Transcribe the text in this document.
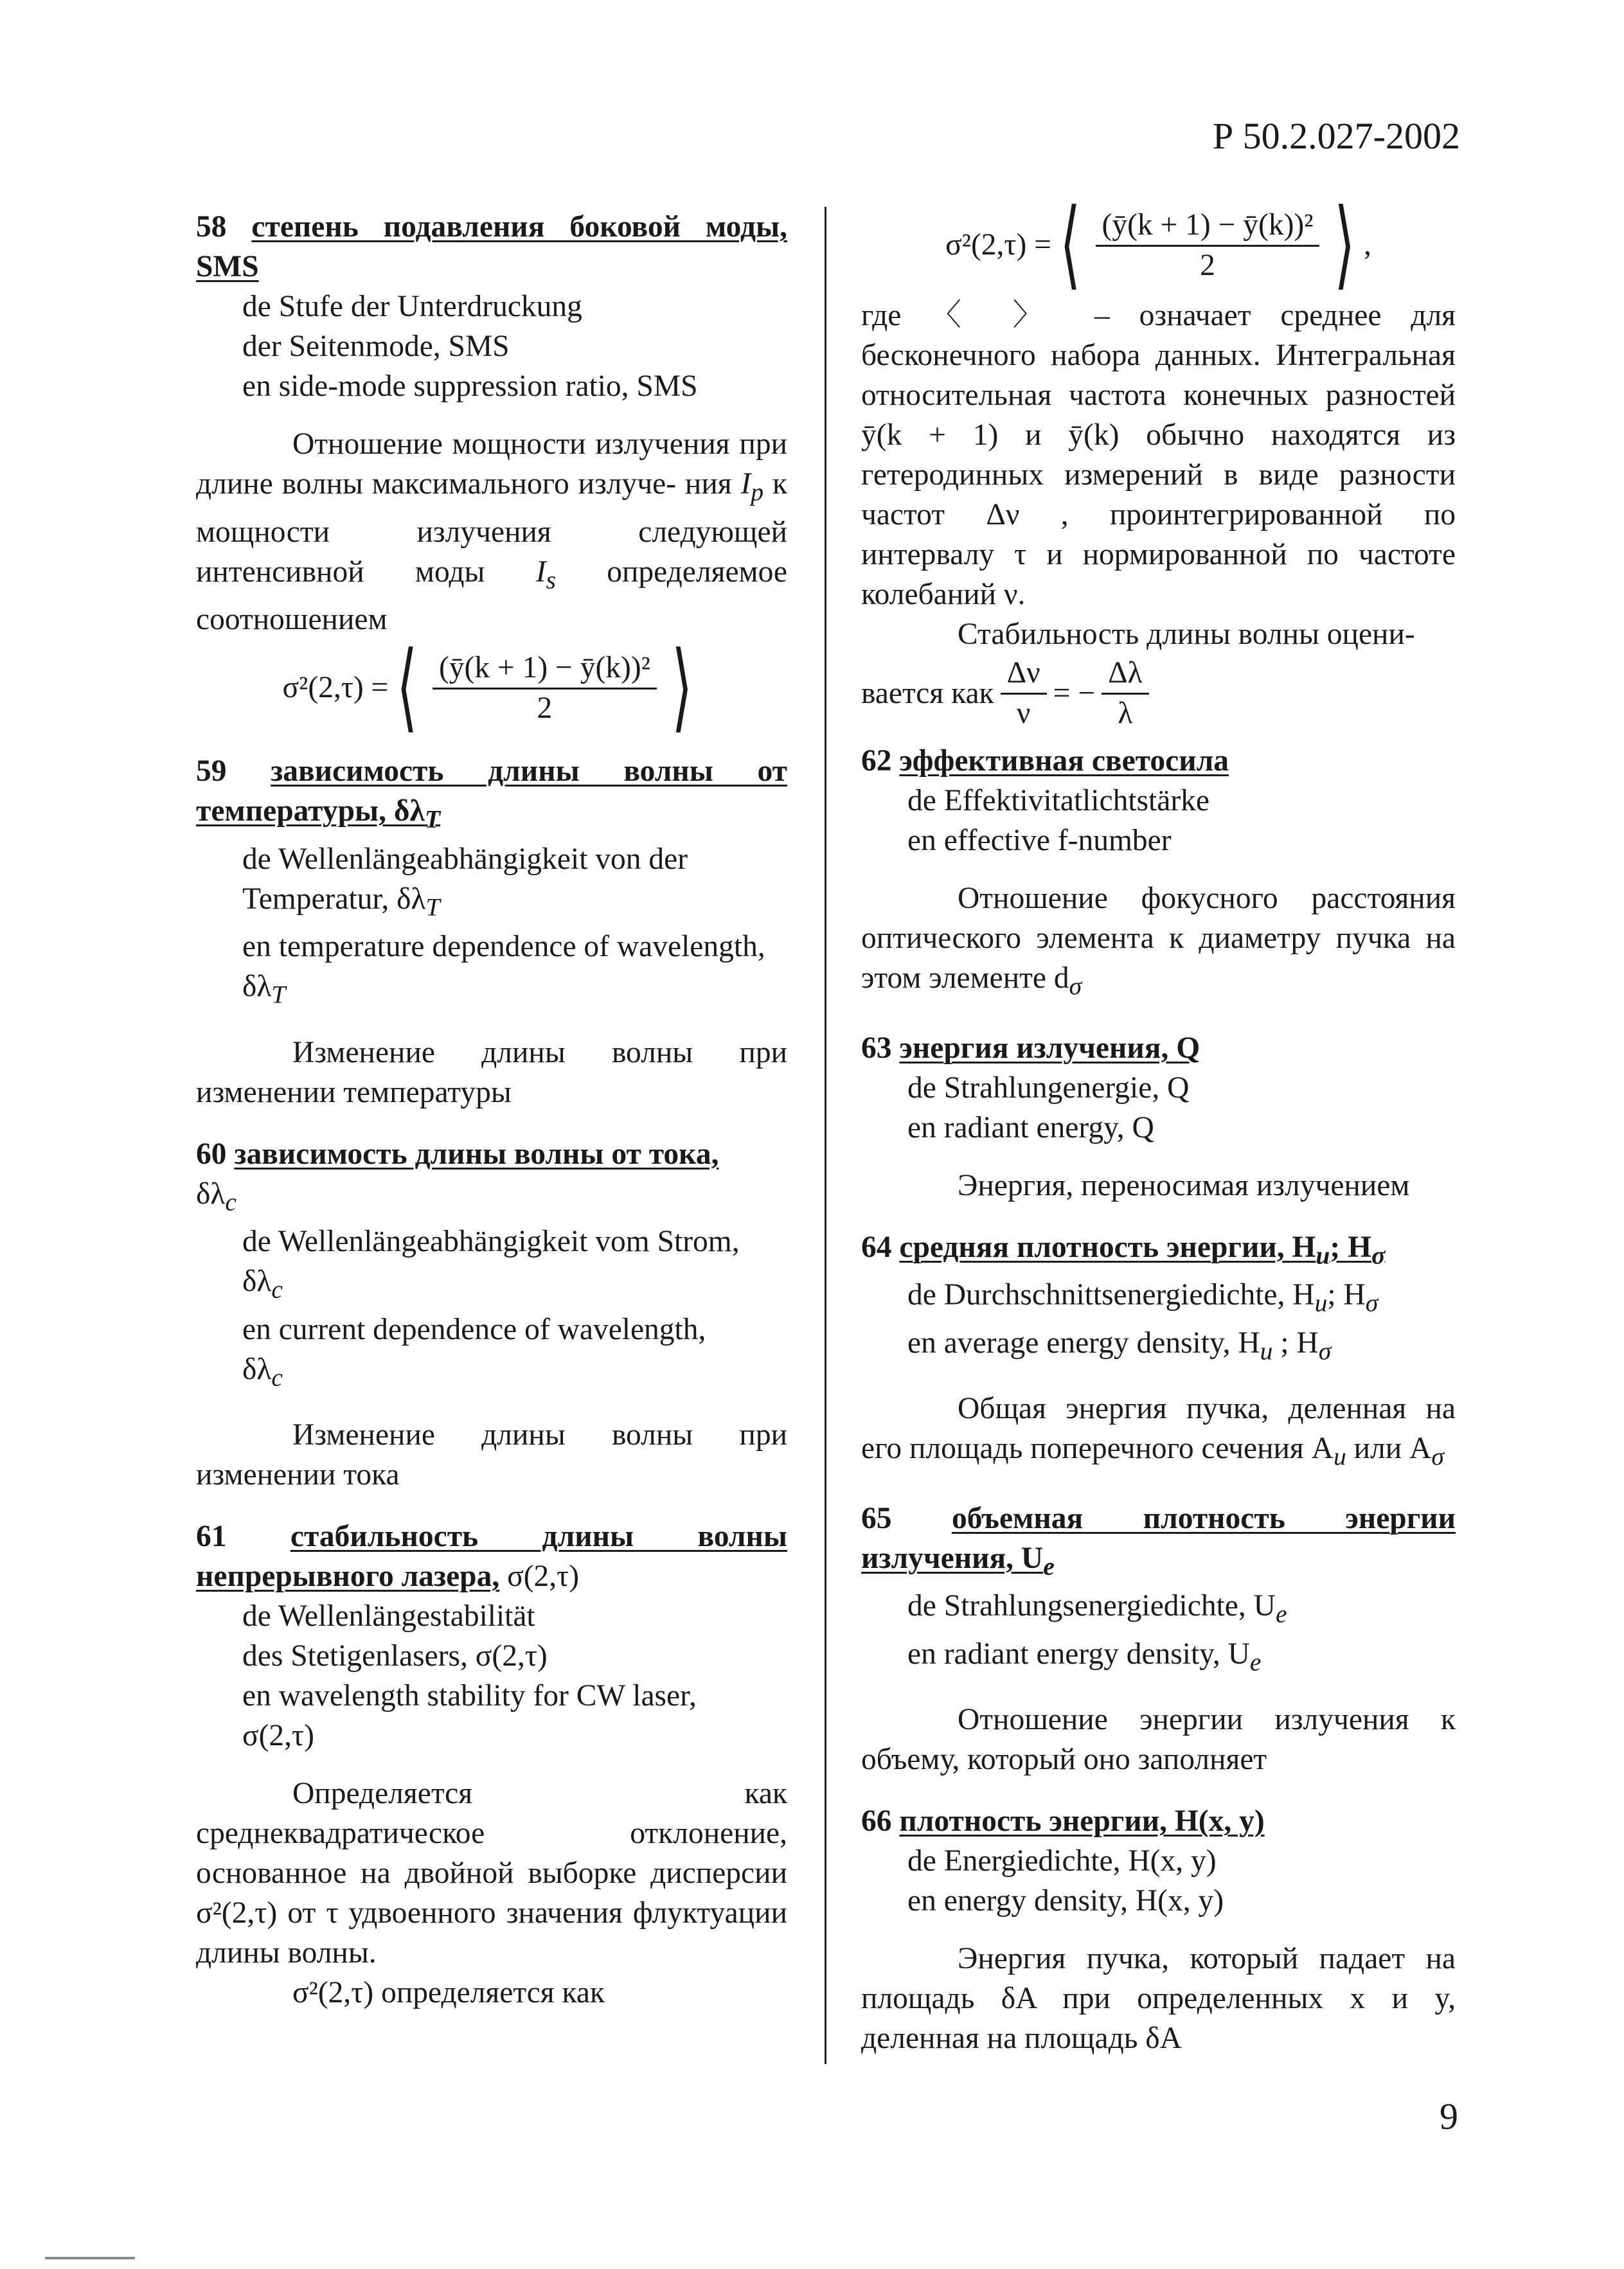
Р 50.2.027-2002
58 степень подавления боковой моды, SMS
de Stufe der Unterdruckung
der Seitenmode, SMS
en side-mode suppression ratio, SMS
Отношение мощности излучения при длине волны максимального излуче- ния $I_p$ к мощности излучения следующей интенсивной моды $I_s$ определяемое соотношением
σ²(2,τ) = ⟨ $\frac{\text{(ȳ(k + 1) − ȳ(k))²}}{2}$ ⟩
59 зависимость длины волны от температуры, $\delta\lambda_T$
de Wellenlängeabhängigkeit von der Temperatur, $\delta\lambda_T$
en temperature dependence of wavelength, $\delta\lambda_T$
Изменение длины волны при изменении температуры
60 зависимость длины волны от тока,
$\delta\lambda_c$
de Wellenlängeabhängigkeit vom Strom,
$\delta\lambda_c$
en current dependence of wavelength,
$\delta\lambda_c$
Изменение длины волны при изменении тока
61 стабильность длины волны непрерывного лазера, σ(2,τ)
de Wellenlängestabilität
des Stetigenlasers, σ(2,τ)
en wavelength stability for CW laser,
σ(2,τ)
Определяется как среднеквадратическое отклонение, основанное на двойной выборке дисперсии σ²(2,τ) от τ удвоенного значения флуктуации длины волны.
σ²(2,τ) определяется как
σ²(2,τ) = ⟨ $\frac{\text{(ȳ(k + 1) − ȳ(k))²}}{2}$ ⟩ ,
где 〈 〉 – означает среднее для бесконечного набора данных. Интегральная относительная частота конечных разностей ȳ(k + 1) и ȳ(k) обычно находятся из гетеродинных измерений в виде разности частот Δν , проинтегрированной по интервалу τ и нормированной по частоте колебаний ν.
Стабильность длины волны оцени-
вается как $\frac{\Delta\nu}{\nu}$ = − $\frac{\Delta\lambda}{\lambda}$
62 эффективная светосила
de Effektivitatlichtstärke
en effective f-number
Отношение фокусного расстояния оптического элемента к диаметру пучка на этом элементе $d_\sigma$
63 энергия излучения, Q
de Strahlungenergie, Q
en radiant energy, Q
Энергия, переносимая излучением
64 средняя плотность энергии, $H_u$; $H_\sigma$
de Durchschnittsenergiedichte, $H_u$; $H_\sigma$
en average energy density, $H_u$ ; $H_\sigma$
Общая энергия пучка, деленная на его площадь поперечного сечения $A_u$ или $A_\sigma$
65 объемная плотность энергии излучения, $U_e$
de Strahlungsenergiedichte, $U_e$
en radiant energy density, $U_e$
Отношение энергии излучения к объему, который оно заполняет
66 плотность энергии, H(x, y)
de Energiedichte, H(x, y)
en energy density, H(x, y)
Энергия пучка, который падает на площадь δA при определенных x и y, деленная на площадь δA
9
